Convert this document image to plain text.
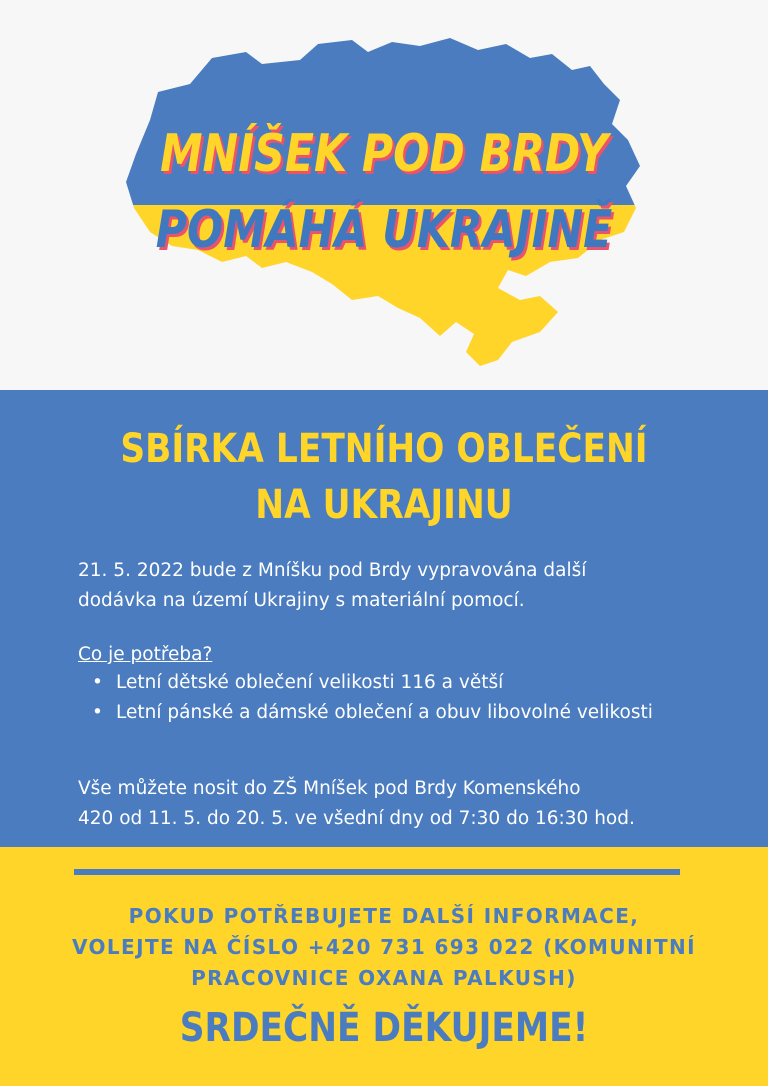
MNÍŠEK POD BRDY
POMÁHÁ UKRAJINĚ
SBÍRKA LETNÍHO OBLEČENÍ
NA UKRAJINU
21. 5. 2022 bude z Mníšku pod Brdy vypravována další
dodávka na území Ukrajiny s materiální pomocí.
Co je potřeba?
• Letní dětské oblečení velikosti 116 a větší
• Letní pánské a dámské oblečení a obuv libovolné velikosti
Vše můžete nosit do ZŠ Mníšek pod Brdy Komenského
420 od 11. 5. do 20. 5. ve všední dny od 7:30 do 16:30 hod.
POKUD POTŘEBUJETE DALŠÍ INFORMACE,
VOLEJTE NA ČÍSLO +420 731 693 022 (KOMUNITNÍ
PRACOVNICE OXANA PALKUSH)
SRDEČNĚ DĚKUJEME!
